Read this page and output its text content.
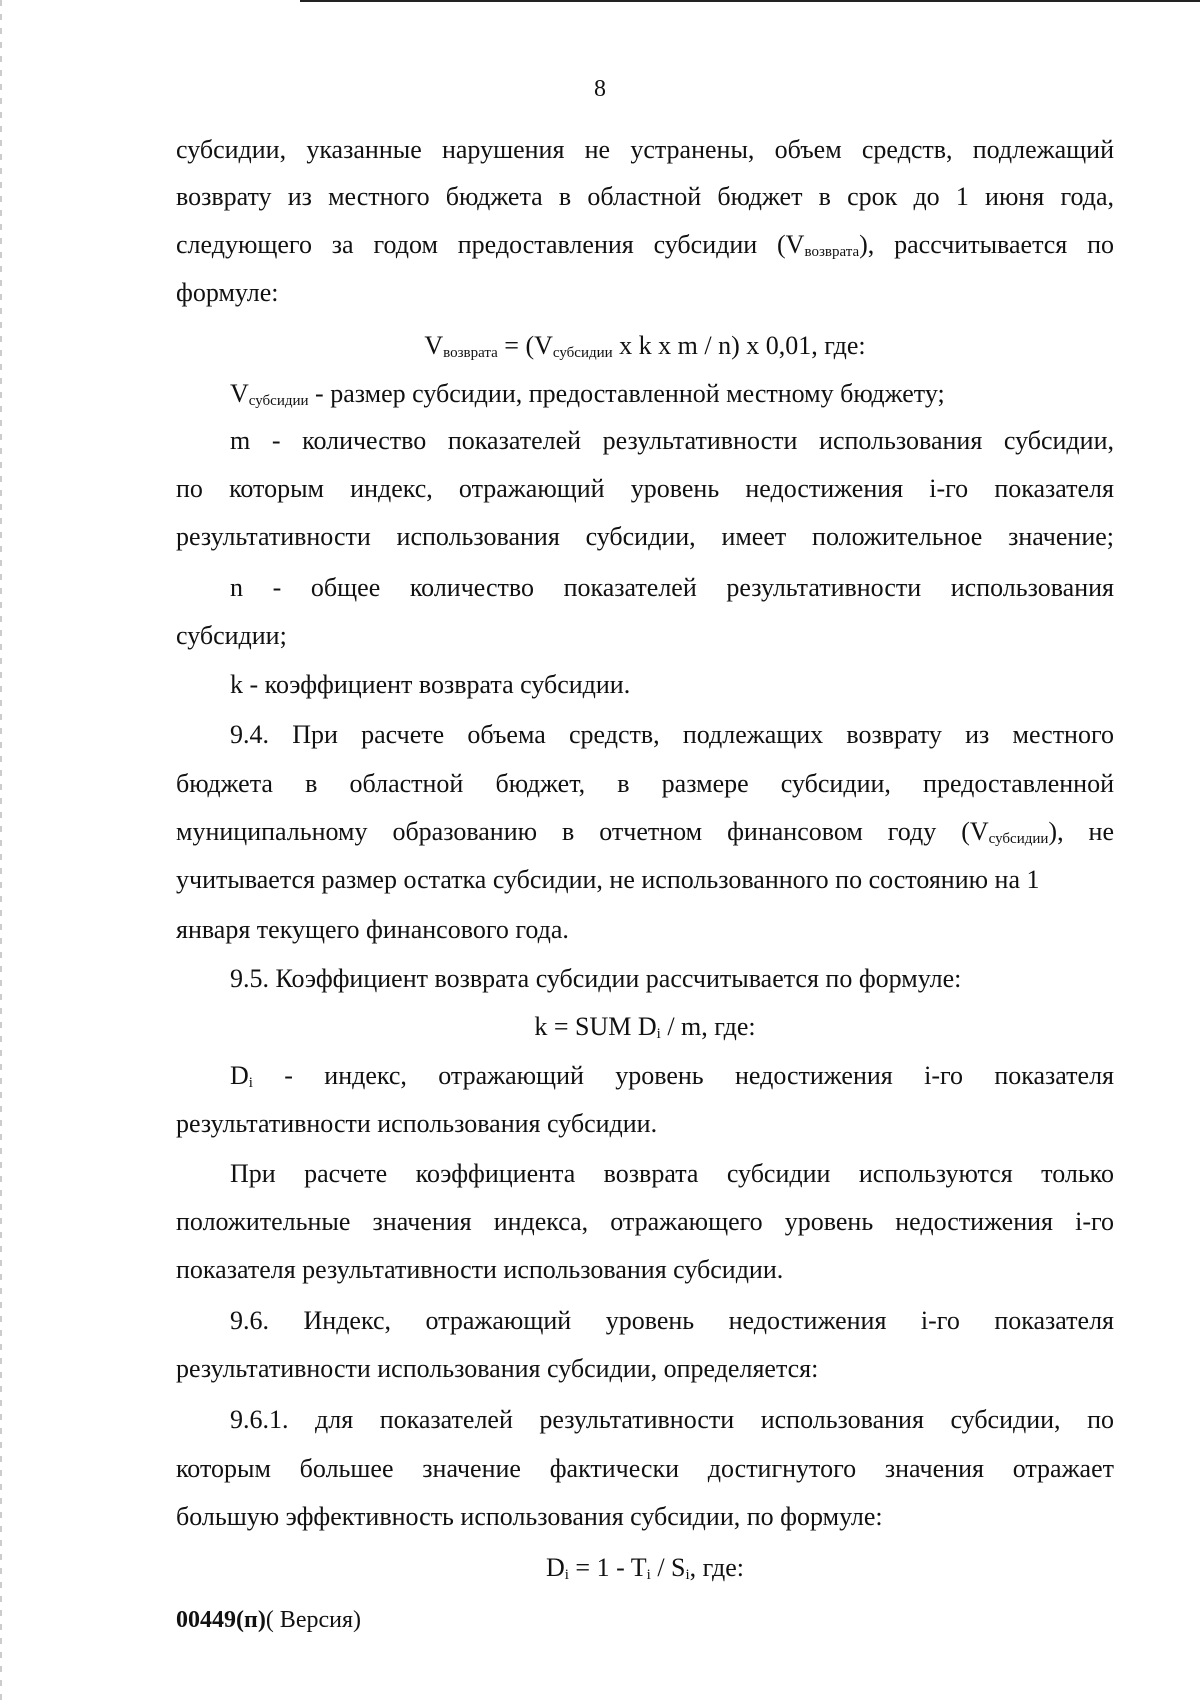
8
субсидии, указанные нарушения не устранены, объем средств, подлежащий
возврату из местного бюджета в областной бюджет в срок до 1 июня года,
следующего за годом предоставления субсидии $(V_{возврата})$, рассчитывается по
формуле:
$V_{возврата} = (V_{субсидии}$ x k x m / n) x 0,01, где:
$V_{субсидии}$ - размер субсидии, предоставленной местному бюджету;
m - количество показателей результативности использования субсидии,
по которым индекс, отражающий уровень недостижения i-го показателя
результативности использования субсидии, имеет положительное значение;
n - общее количество показателей результативности использования
субсидии;
k - коэффициент возврата субсидии.
9.4. При расчете объема средств, подлежащих возврату из местного
бюджета в областной бюджет, в размере субсидии, предоставленной
муниципальному образованию в отчетном финансовом году $(V_{субсидии})$, не
учитывается размер остатка субсидии, не использованного по состоянию на 1
января текущего финансового года.
9.5. Коэффициент возврата субсидии рассчитывается по формуле:
k = SUM $D_i$ / m, где:
$D_i$ - индекс, отражающий уровень недостижения i-го показателя
результативности использования субсидии.
При расчете коэффициента возврата субсидии используются только
положительные значения индекса, отражающего уровень недостижения i-го
показателя результативности использования субсидии.
9.6. Индекс, отражающий уровень недостижения i-го показателя
результативности использования субсидии, определяется:
9.6.1. для показателей результативности использования субсидии, по
которым большее значение фактически достигнутого значения отражает
большую эффективность использования субсидии, по формуле:
$D_i = 1 - T_i / S_i$, где:
00449(п)( Версия)
